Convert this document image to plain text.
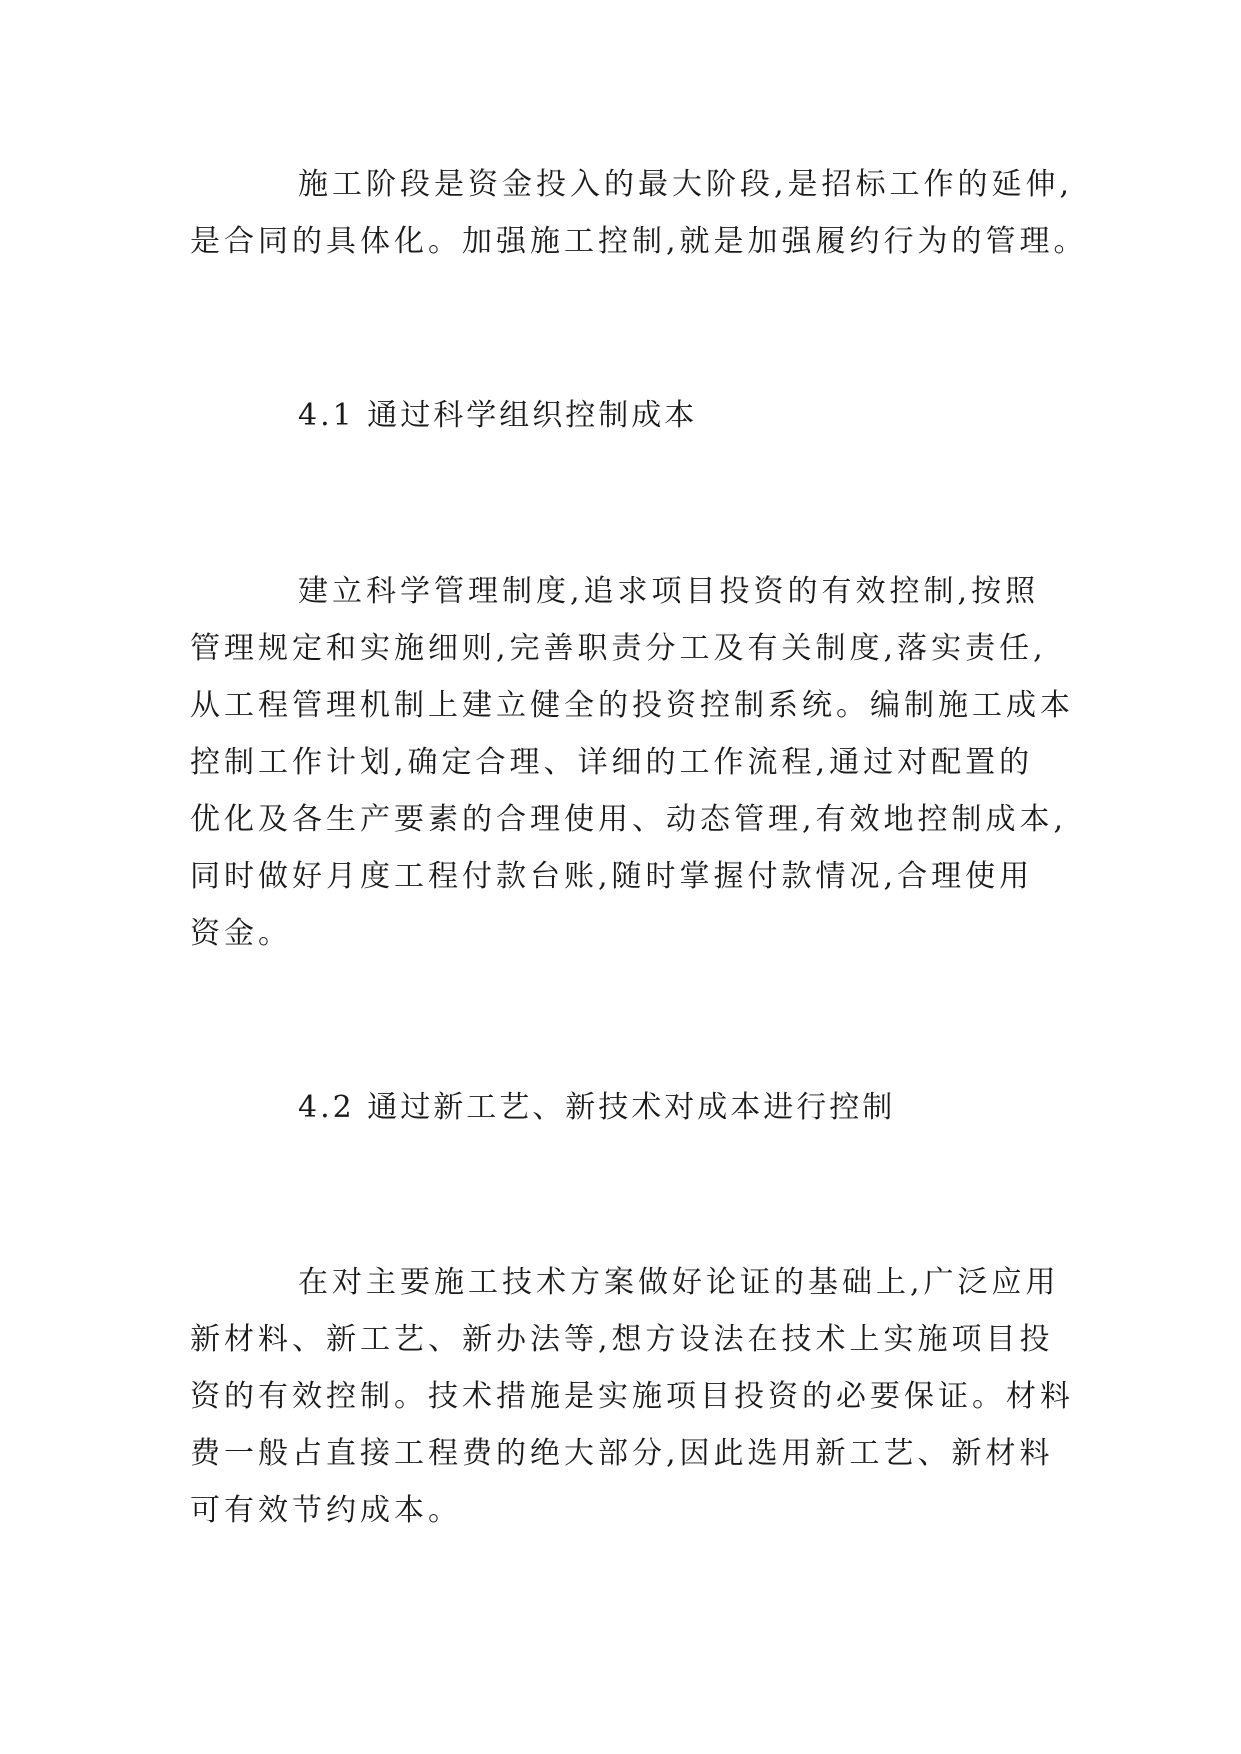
施工阶段是资金投入的最大阶段,是招标工作的延伸,

是合同的具体化。加强施工控制,就是加强履约行为的管理。

4.1 通过科学组织控制成本

建立科学管理制度,追求项目投资的有效控制,按照

管理规定和实施细则,完善职责分工及有关制度,落实责任,

从工程管理机制上建立健全的投资控制系统。编制施工成本

控制工作计划,确定合理、详细的工作流程,通过对配置的

优化及各生产要素的合理使用、动态管理,有效地控制成本,

同时做好月度工程付款台账,随时掌握付款情况,合理使用

资金。

4.2 通过新工艺、新技术对成本进行控制

在对主要施工技术方案做好论证的基础上,广泛应用

新材料、新工艺、新办法等,想方设法在技术上实施项目投

资的有效控制。技术措施是实施项目投资的必要保证。材料

费一般占直接工程费的绝大部分,因此选用新工艺、新材料

可有效节约成本。
